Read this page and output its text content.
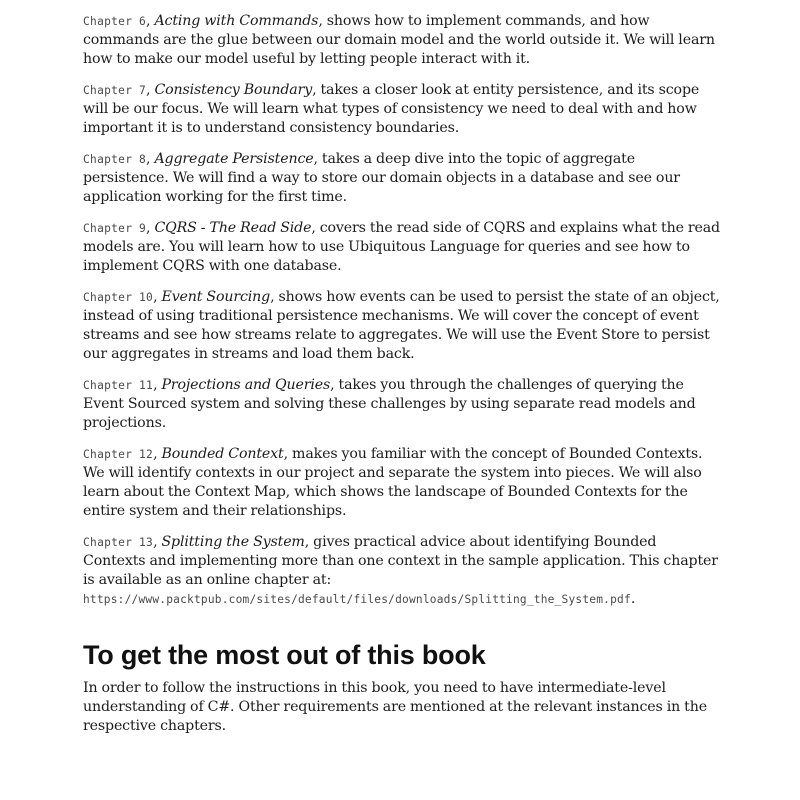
Chapter 6, Acting with Commands, shows how to implement commands, and how commands are the glue between our domain model and the world outside it. We will learn how to make our model useful by letting people interact with it.

Chapter 7, Consistency Boundary, takes a closer look at entity persistence, and its scope will be our focus. We will learn what types of consistency we need to deal with and how important it is to understand consistency boundaries.

Chapter 8, Aggregate Persistence, takes a deep dive into the topic of aggregate persistence. We will find a way to store our domain objects in a database and see our application working for the first time.

Chapter 9, CQRS - The Read Side, covers the read side of CQRS and explains what the read models are. You will learn how to use Ubiquitous Language for queries and see how to implement CQRS with one database.

Chapter 10, Event Sourcing, shows how events can be used to persist the state of an object, instead of using traditional persistence mechanisms. We will cover the concept of event streams and see how streams relate to aggregates. We will use the Event Store to persist our aggregates in streams and load them back.

Chapter 11, Projections and Queries, takes you through the challenges of querying the Event Sourced system and solving these challenges by using separate read models and projections.

Chapter 12, Bounded Context, makes you familiar with the concept of Bounded Contexts. We will identify contexts in our project and separate the system into pieces. We will also learn about the Context Map, which shows the landscape of Bounded Contexts for the entire system and their relationships.

Chapter 13, Splitting the System, gives practical advice about identifying Bounded Contexts and implementing more than one context in the sample application. This chapter is available as an online chapter at: https://www.packtpub.com/sites/default/files/downloads/Splitting_the_System.pdf.

To get the most out of this book

In order to follow the instructions in this book, you need to have intermediate-level understanding of C#. Other requirements are mentioned at the relevant instances in the respective chapters.
